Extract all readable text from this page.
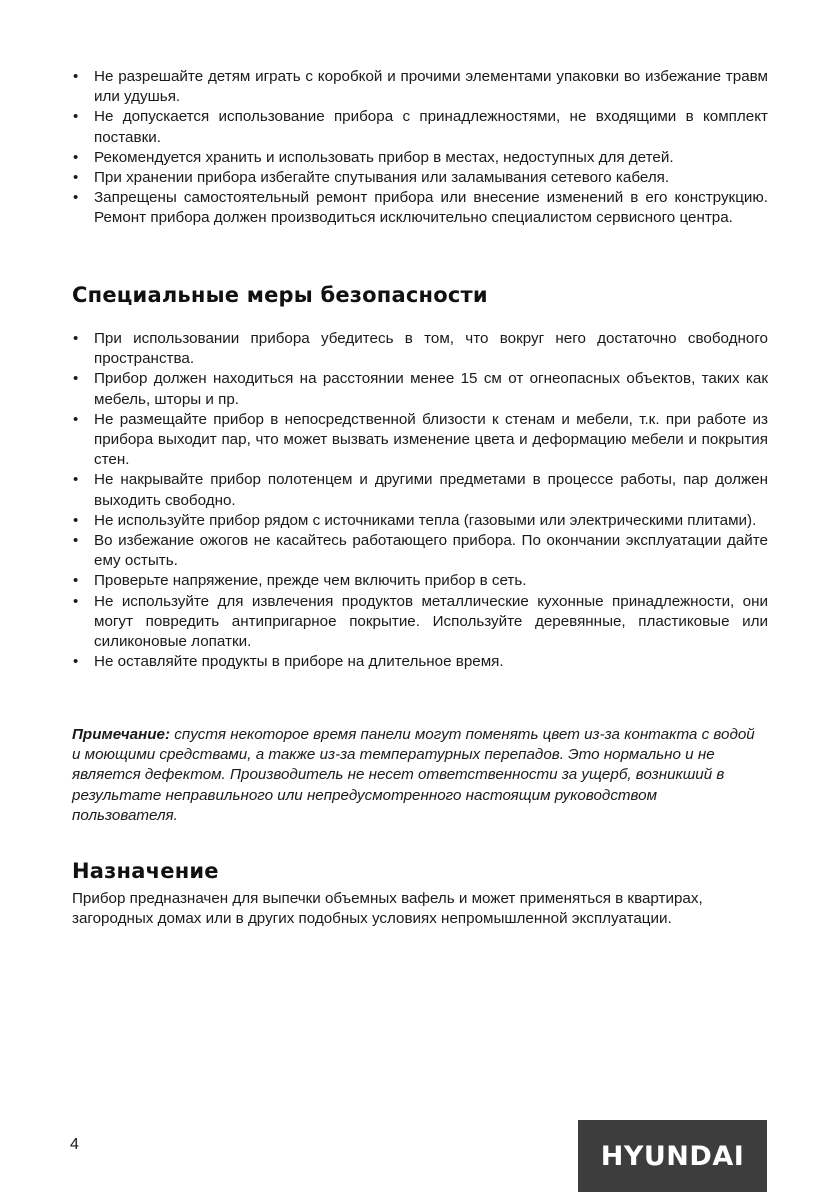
• Не разрешайте детям играть с коробкой и прочими элементами упаковки во избежание травм или удушья.
• Не допускается использование прибора с принадлежностями, не входящими в комплект поставки.
• Рекомендуется хранить и использовать прибор в местах, недоступных для детей.
• При хранении прибора избегайте спутывания или заламывания сетевого кабеля.
• Запрещены самостоятельный ремонт прибора или внесение изменений в его конструкцию. Ремонт прибора должен производиться исключительно специалистом сервисного центра.
Специальные меры безопасности
• При использовании прибора убедитесь в том, что вокруг него достаточно свободного пространства.
• Прибор должен находиться на расстоянии менее 15 см от огнеопасных объектов, таких как мебель, шторы и пр.
• Не размещайте прибор в непосредственной близости к стенам и мебели, т.к. при работе из прибора выходит пар, что может вызвать изменение цвета и деформацию мебели и покрытия стен.
• Не накрывайте прибор полотенцем и другими предметами в процессе работы, пар должен выходить свободно.
• Не используйте прибор рядом с источниками тепла (газовыми или электрическими плитами).
• Во избежание ожогов не касайтесь работающего прибора. По окончании эксплуатации дайте ему остыть.
• Проверьте напряжение, прежде чем включить прибор в сеть.
• Не используйте для извлечения продуктов металлические кухонные принадлежности, они могут повредить антипригарное покрытие. Используйте деревянные, пластиковые или силиконовые лопатки.
• Не оставляйте продукты в приборе на длительное время.
Примечание: спустя некоторое время панели могут поменять цвет из-за контакта с водой и моющими средствами, а также из-за температурных перепадов. Это нормально и не является дефектом. Производитель не несет ответственности за ущерб, возникший в результате неправильного или непредусмотренного настоящим руководством пользователя.
Назначение
Прибор предназначен для выпечки объемных вафель и может применяться в квартирах, загородных домах или в других подобных условиях непромышленной эксплуатации.
4	HYUNDAI
